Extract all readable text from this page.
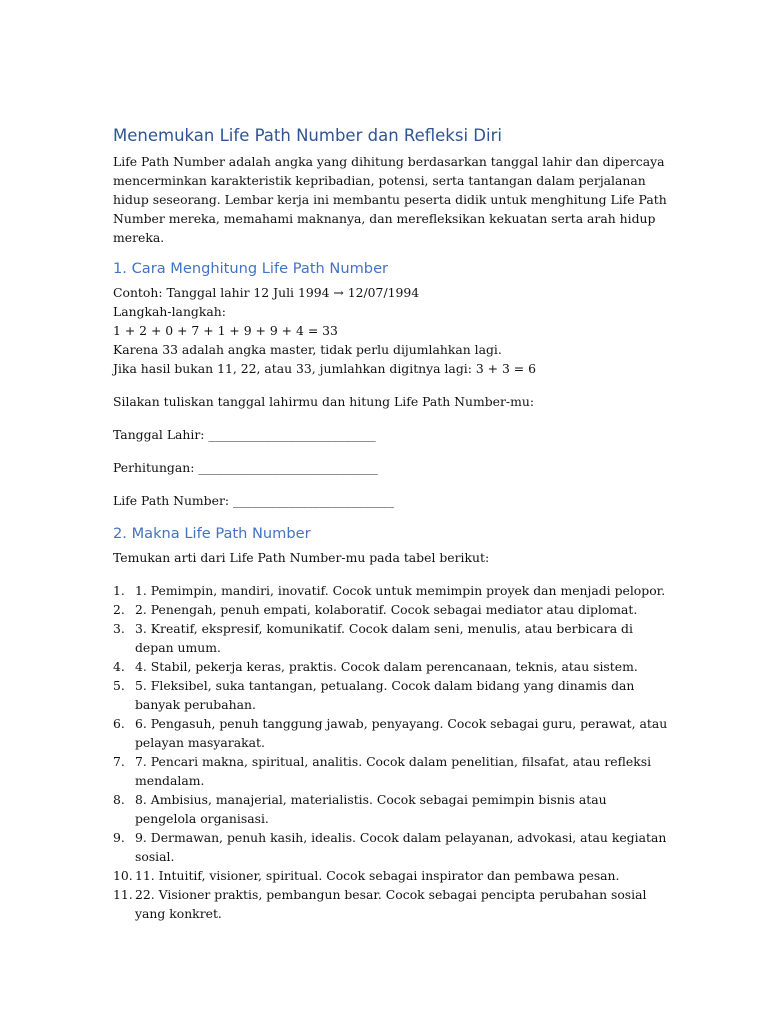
Menemukan Life Path Number dan Refleksi Diri

Life Path Number adalah angka yang dihitung berdasarkan tanggal lahir dan dipercaya mencerminkan karakteristik kepribadian, potensi, serta tantangan dalam perjalanan hidup seseorang. Lembar kerja ini membantu peserta didik untuk menghitung Life Path Number mereka, memahami maknanya, dan merefleksikan kekuatan serta arah hidup mereka.

1. Cara Menghitung Life Path Number
Contoh: Tanggal lahir 12 Juli 1994 → 12/07/1994
Langkah-langkah:
1 + 2 + 0 + 7 + 1 + 9 + 9 + 4 = 33
Karena 33 adalah angka master, tidak perlu dijumlahkan lagi.
Jika hasil bukan 11, 22, atau 33, jumlahkan digitnya lagi: 3 + 3 = 6
Silakan tuliskan tanggal lahirmu dan hitung Life Path Number-mu:
Tanggal Lahir: ___________________________
Perhitungan: _____________________________
Life Path Number: __________________________
2. Makna Life Path Number
Temukan arti dari Life Path Number-mu pada tabel berikut:
1. 1. Pemimpin, mandiri, inovatif. Cocok untuk memimpin proyek dan menjadi pelopor.
2. 2. Penengah, penuh empati, kolaboratif. Cocok sebagai mediator atau diplomat.
3. 3. Kreatif, ekspresif, komunikatif. Cocok dalam seni, menulis, atau berbicara di depan umum.
4. 4. Stabil, pekerja keras, praktis. Cocok dalam perencanaan, teknis, atau sistem.
5. 5. Fleksibel, suka tantangan, petualang. Cocok dalam bidang yang dinamis dan banyak perubahan.
6. 6. Pengasuh, penuh tanggung jawab, penyayang. Cocok sebagai guru, perawat, atau pelayan masyarakat.
7. 7. Pencari makna, spiritual, analitis. Cocok dalam penelitian, filsafat, atau refleksi mendalam.
8. 8. Ambisius, manajerial, materialistis. Cocok sebagai pemimpin bisnis atau pengelola organisasi.
9. 9. Dermawan, penuh kasih, idealis. Cocok dalam pelayanan, advokasi, atau kegiatan sosial.
10. 11. Intuitif, visioner, spiritual. Cocok sebagai inspirator dan pembawa pesan.
11. 22. Visioner praktis, pembangun besar. Cocok sebagai pencipta perubahan sosial yang konkret.
